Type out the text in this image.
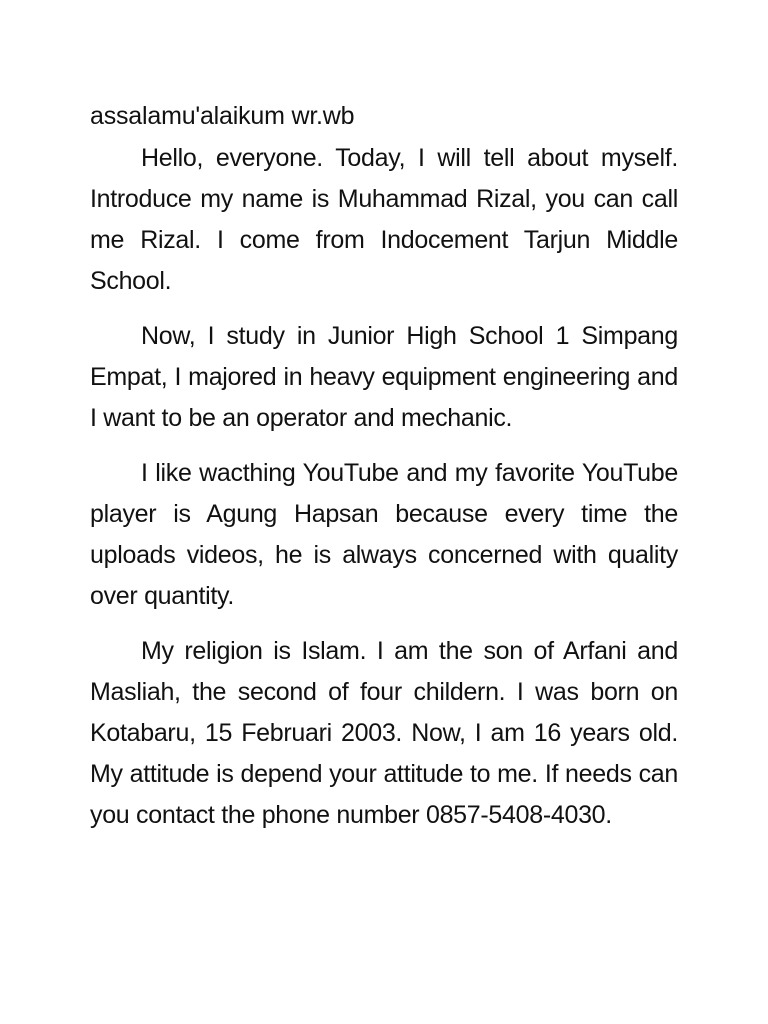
assalamu'alaikum wr.wb

Hello, everyone. Today, I will tell about myself. Introduce my name is Muhammad Rizal, you can call me Rizal. I come from Indocement Tarjun Middle School.

Now, I study in Junior High School 1 Simpang Empat, I majored in heavy equipment engineering and I want to be an operator and mechanic.

I like wacthing YouTube and my favorite YouTube player is Agung Hapsan because every time the uploads videos, he is always concerned with quality over quantity.

My religion is Islam. I am the son of Arfani and Masliah, the second of four childern. I was born on Kotabaru, 15 Februari 2003. Now, I am 16 years old. My attitude is depend your attitude to me. If needs can you contact the phone number 0857-5408-4030.
